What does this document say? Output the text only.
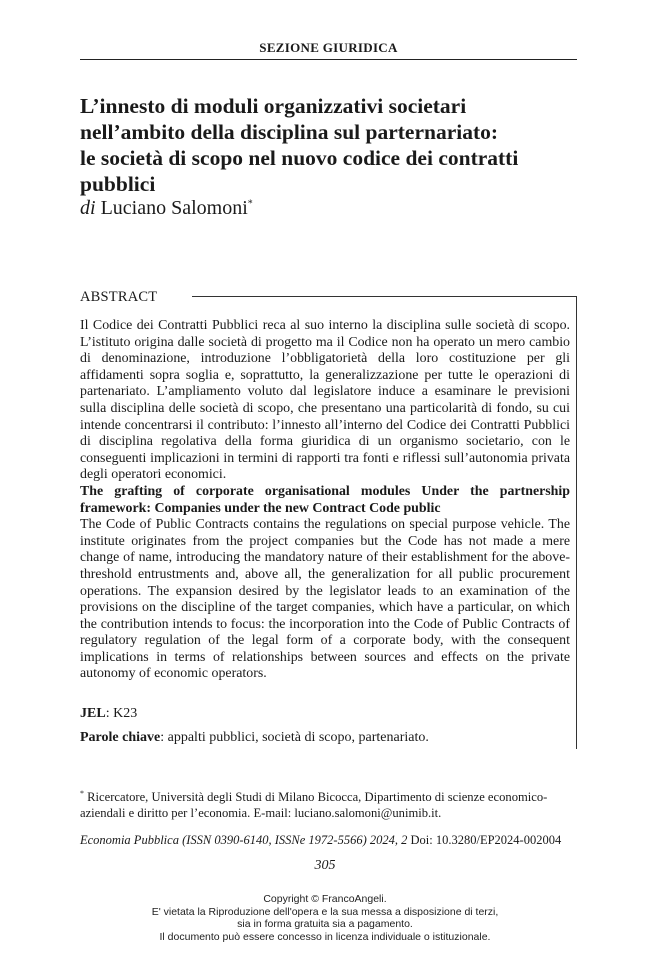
SEZIONE GIURIDICA
L’innesto di moduli organizzativi societari
nell’ambito della disciplina sul parternariato:
le società di scopo nel nuovo codice dei contratti
pubblici
di Luciano Salomoni*
ABSTRACT

Il Codice dei Contratti Pubblici reca al suo interno la disciplina sulle società di scopo. L’istituto origina dalle società di progetto ma il Codice non ha operato un mero cambio di denominazione, introduzione l’obbligatorietà della loro costituzione per gli affidamenti sopra soglia e, soprattutto, la generalizzazione per tutte le operazioni di partenariato. L’ampliamento voluto dal legislatore induce a esaminare le previsioni sulla disciplina delle società di scopo, che presentano una particolarità di fondo, su cui intende concentrarsi il contributo: l’innesto all’interno del Codice dei Contratti Pubblici di disciplina regolativa della forma giuridica di un organismo societario, con le conseguenti implicazioni in termini di rapporti tra fonti e riflessi sull’autonomia privata degli operatori economici.

The grafting of corporate organisational modules Under the partnership framework: Companies under the new Contract Code public

The Code of Public Contracts contains the regulations on special purpose vehicle. The institute originates from the project companies but the Code has not made a mere change of name, introducing the mandatory nature of their establishment for the above-threshold entrustments and, above all, the generalization for all public procurement operations. The expansion desired by the legislator leads to an examination of the provisions on the discipline of the target companies, which have a particular, on which the contribution intends to focus: the incorporation into the Code of Public Contracts of regulatory regulation of the legal form of a corporate body, with the consequent implications in terms of relationships between sources and effects on the private autonomy of economic operators.

JEL: K23
Parole chiave: appalti pubblici, società di scopo, partenariato.
* Ricercatore, Università degli Studi di Milano Bicocca, Dipartimento di scienze economico-aziendali e diritto per l’economia. E-mail: luciano.salomoni@unimib.it.
Economia Pubblica (ISSN 0390-6140, ISSNe 1972-5566) 2024, 2 Doi: 10.3280/EP2024-002004
305
Copyright © FrancoAngeli.
E' vietata la Riproduzione dell'opera e la sua messa a disposizione di terzi,
sia in forma gratuita sia a pagamento.
Il documento può essere concesso in licenza individuale o istituzionale.
